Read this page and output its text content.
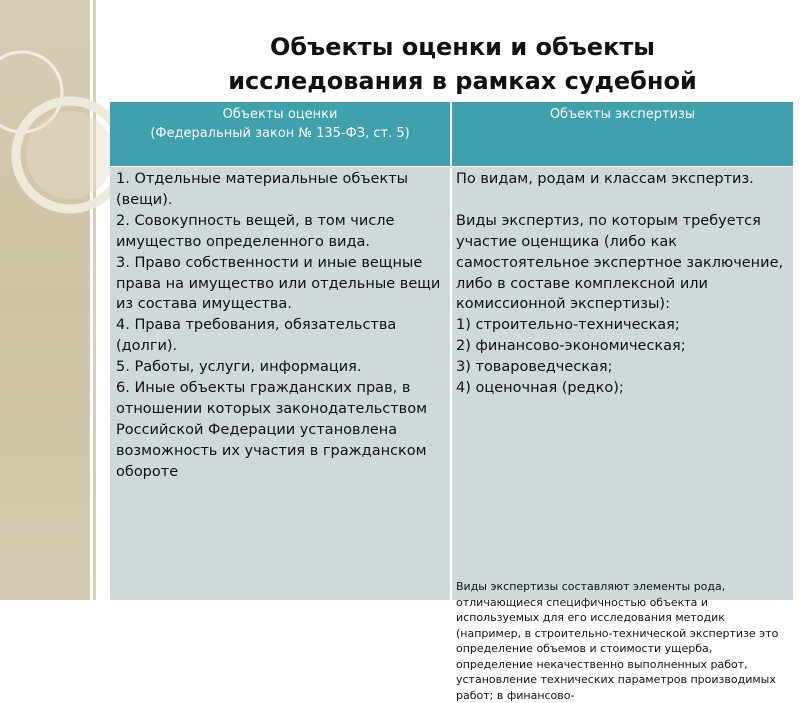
Объекты оценки и объекты исследования в рамках судебной
Объекты оценки
(Федеральный закон № 135-ФЗ, ст. 5)
Объекты экспертизы

1. Отдельные материальные объекты (вещи).

2. Совокупность вещей, в том числе имущество определенного вида.

3. Право собственности и иные вещные права на имущество или отдельные вещи из состава имущества.

4. Права требования, обязательства (долги).

5. Работы, услуги, информация.

6. Иные объекты гражданских прав, в отношении которых законодательством Российской Федерации установлена возможность их участия в гражданском обороте

По видам, родам и классам экспертиз.

Виды экспертиз, по которым требуется участие оценщика (либо как самостоятельное экспертное заключение, либо в составе комплексной или комиссионной экспертизы):

1) строительно-техническая;

2) финансово-экономическая;

3) товароведческая;

4) оценочная (редко);

Виды экспертизы составляют элементы рода, отличающиеся специфичностью объекта и используемых для его исследования методик (например, в строительно-технической экспертизе это определение объемов и стоимости ущерба, определение некачественно выполненных работ, установление технических параметров производимых работ; в финансово-
